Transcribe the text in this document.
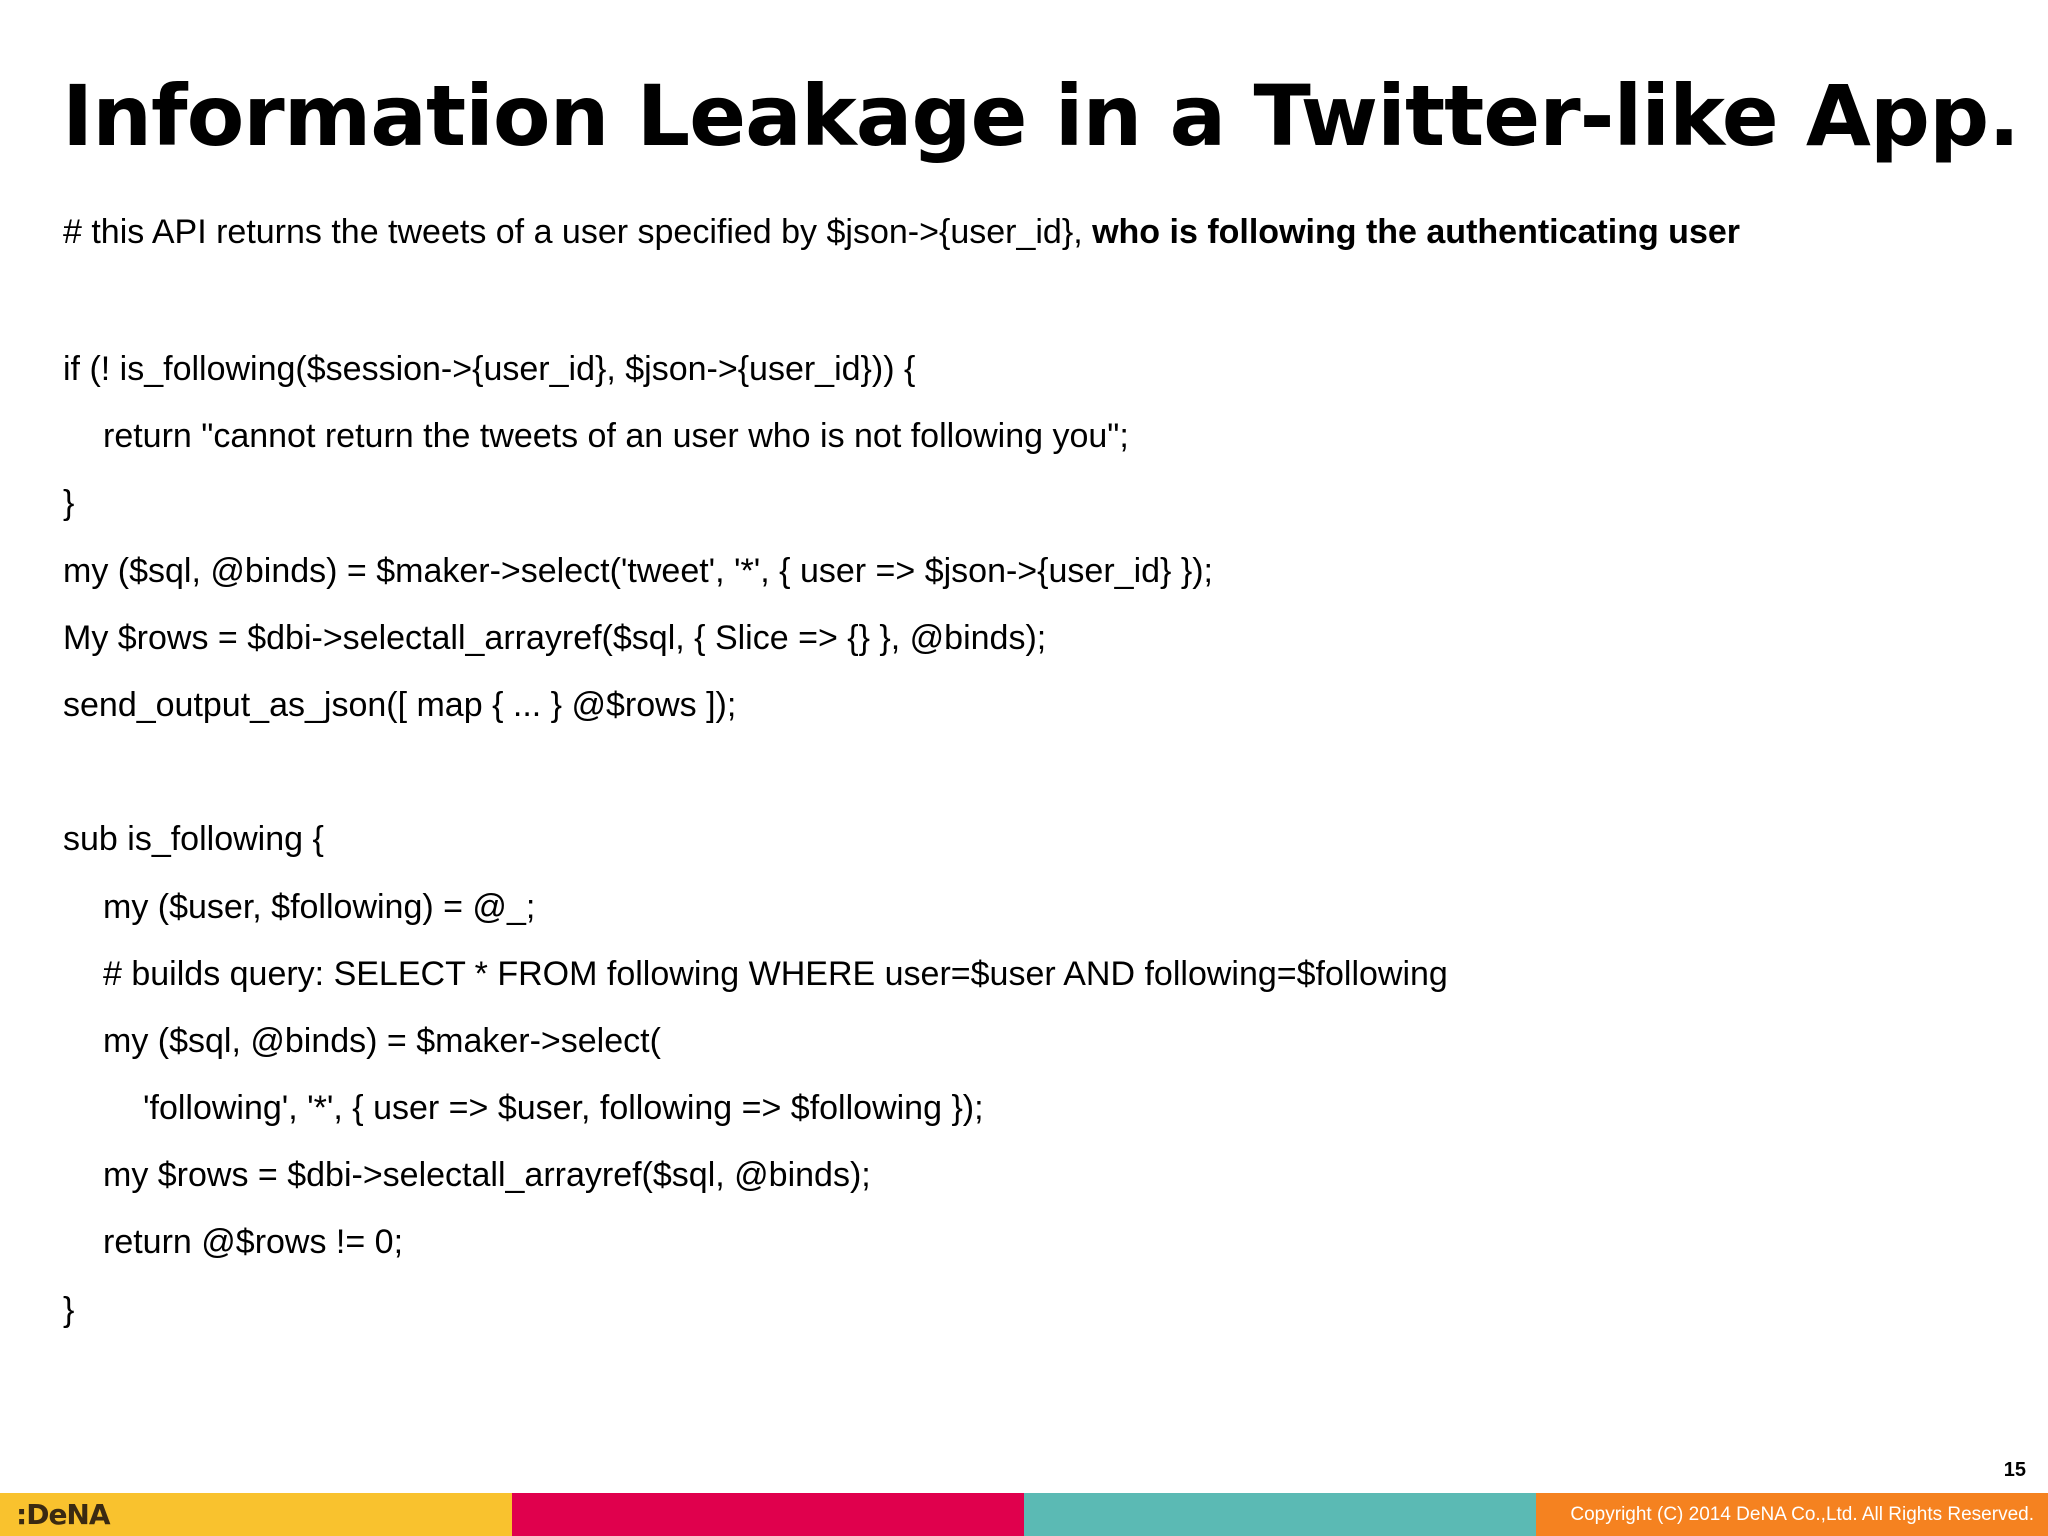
Information Leakage in a Twitter-like App.
# this API returns the tweets of a user specified by $json->{user_id}, who is following the authenticating user
if (! is_following($session->{user_id}, $json->{user_id})) {
return "cannot return the tweets of an user who is not following you";
}
my ($sql, @binds) = $maker->select('tweet', '*', { user => $json->{user_id} });
My $rows = $dbi->selectall_arrayref($sql, { Slice => {} }, @binds);
send_output_as_json([ map { ... } @$rows ]);
sub is_following {
my ($user, $following) = @_;
# builds query: SELECT * FROM following WHERE user=$user AND following=$following
my ($sql, @binds) = $maker->select(
'following', '*', { user => $user, following => $following });
my $rows = $dbi->selectall_arrayref($sql, @binds);
return @$rows != 0;
}
15
:DeNA	Copyright (C) 2014 DeNA Co.,Ltd. All Rights Reserved.
